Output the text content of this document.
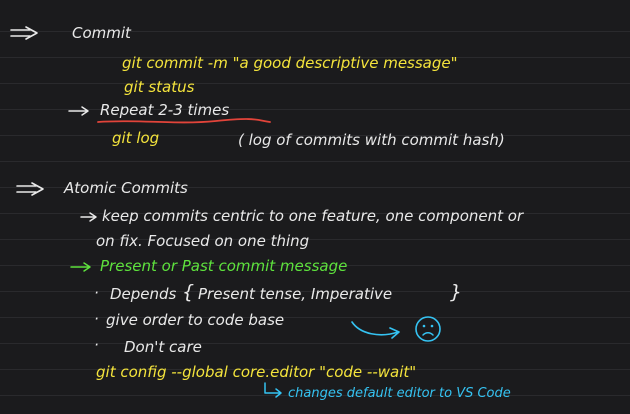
Commit
git commit -m "a good descriptive message"
git status
Repeat 2-3 times
git log	( log of commits with commit hash)
Atomic Commits
keep commits centric to one feature, one component or
on fix. Focused on one thing
Present or Past commit message
· Depends { Present tense, Imperative	}
· give order to code base
· Don't care
git config --global core.editor "code --wait"
changes default editor to VS Code
